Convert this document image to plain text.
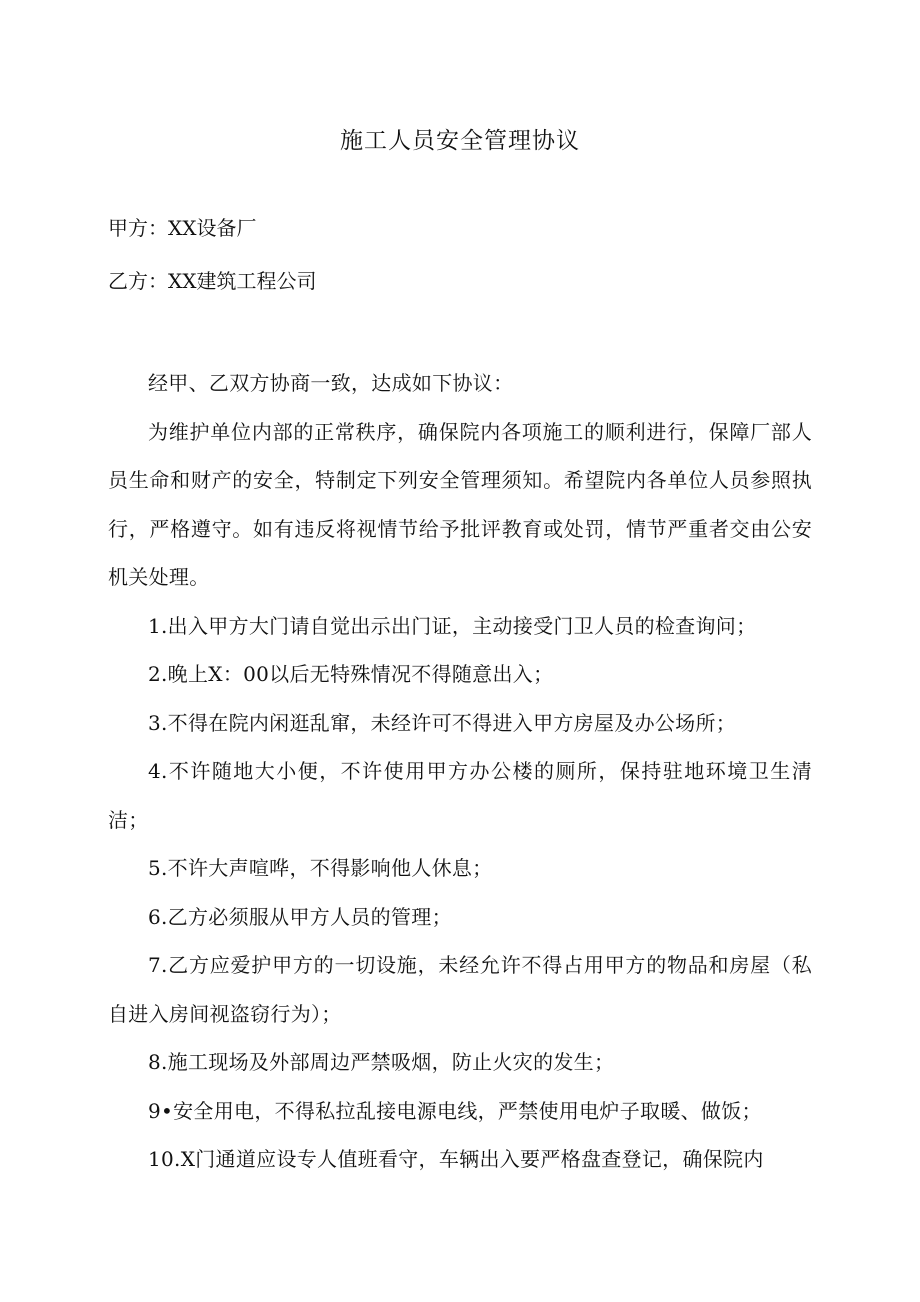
施工人员安全管理协议

甲方：XX设备厂

乙方：XX建筑工程公司

经甲、乙双方协商一致，达成如下协议：

为维护单位内部的正常秩序，确保院内各项施工的顺利进行，保障厂部人员生命和财产的安全，特制定下列安全管理须知。希望院内各单位人员参照执行，严格遵守。如有违反将视情节给予批评教育或处罚，情节严重者交由公安机关处理。

1.出入甲方大门请自觉出示出门证，主动接受门卫人员的检查询问；

2.晚上X：00以后无特殊情况不得随意出入；

3.不得在院内闲逛乱窜，未经许可不得进入甲方房屋及办公场所；

4.不许随地大小便，不许使用甲方办公楼的厕所，保持驻地环境卫生清洁；

5.不许大声喧哗，不得影响他人休息；

6.乙方必须服从甲方人员的管理；

7.乙方应爱护甲方的一切设施，未经允许不得占用甲方的物品和房屋（私自进入房间视盗窃行为）；

8.施工现场及外部周边严禁吸烟，防止火灾的发生；

9•安全用电，不得私拉乱接电源电线，严禁使用电炉子取暖、做饭；

10.X门通道应设专人值班看守，车辆出入要严格盘查登记，确保院内
